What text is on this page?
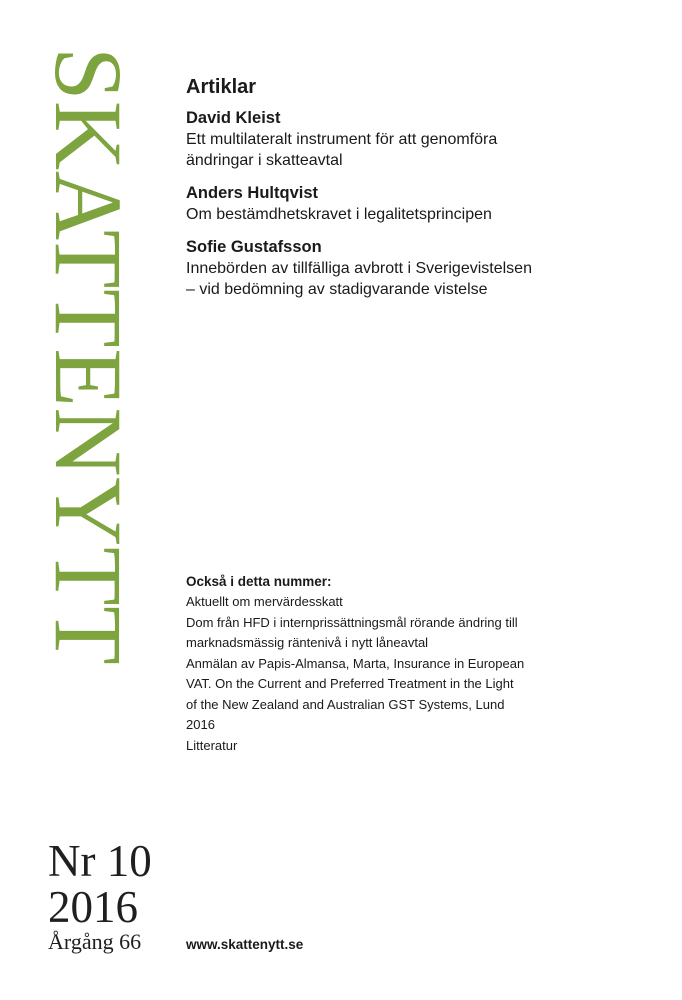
SKATTENYTT
Nr 10
2016
Årgång 66
Artiklar
David Kleist
Ett multilateralt instrument för att genomföra
ändringar i skatteavtal
Anders Hultqvist
Om bestämdhetskravet i legalitetsprincipen
Sofie Gustafsson
Innebörden av tillfälliga avbrott i Sverigevistelsen
– vid bedömning av stadigvarande vistelse
Också i detta nummer:
Aktuellt om mervärdesskatt
Dom från HFD i internprissättningsmål rörande ändring till
marknadsmässig räntenivå i nytt låneavtal
Anmälan av Papis-Almansa, Marta, Insurance in European
VAT. On the Current and Preferred Treatment in the Light
of the New Zealand and Australian GST Systems, Lund
2016
Litteratur
www.skattenytt.se
